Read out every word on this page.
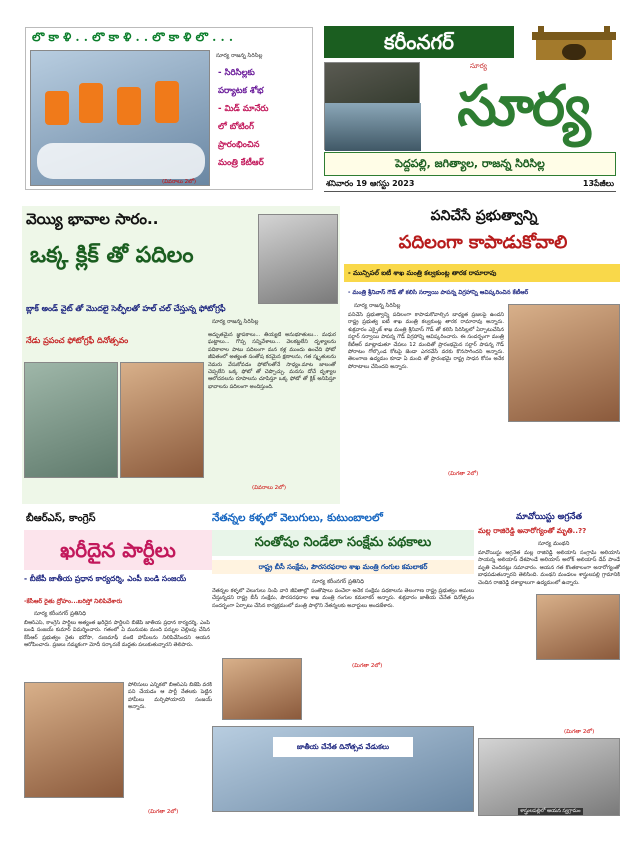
లొ కా ళి . . లొ కా ళి . . లొ కా ళి లొ . . .
సూర్య రాజన్న సిరిసిల్ల
- సిరిసిల్లకు
పర్యాటక శోభ
- మిడ్ మానేరు
లో బోటింగ్
ప్రారంభించిన
మంత్రి కేటీఆర్
(వివరాలు 2లో)
కరీంనగర్
సూర్య
సూర్య
పెద్దపల్లి, జగిత్యాల, రాజన్న సిరిసిల్ల
శనివారం 19 ఆగస్టు 2023	13పేజీలు
వెయ్యి భావాల సారం..
ఒక్క క్లిక్ తో పదిలం
బ్లాక్ అండ్ వైట్ తో మొదలై సెల్ఫీలతో హల్ చల్ చేస్తున్న ఫోటోగ్రఫీ
నేడు ప్రపంచ ఫోటోగ్రఫీ దినోత్సవం
సూర్య రాజన్న సిరిసిల్ల

అద్భుతమైన జ్ఞాపకాలు... తియ్యటి అనుభూతులు... మధుర ఘట్టాలు... గొప్ప సన్నివేశాలు... వెలకట్టలేని దృశ్యాలను పదికాలాల పాటు పదిలంగా మన కళ్ల ముందు ఉంచేది ఫోటో జీవితంలో అత్యంత సంతోష కరమైన క్షణాలను, గత స్మృతులను నెమరు వేసుకోవడం ఫోటోలతోనే సాధ్యం.మాట జాలంతో చెప్పలేని ఒక్క ఫోటో తో చెప్పొచ్చు. మనసు దోచే దృశ్యాల ఆలోచనలను రూపాలను చూపిస్తూ ఒక్క ఫోటో తో క్లిక్ అనిపిస్తూ భావాలను పదిలంగా అందిస్తుంది.

(వివరాలు 2లో)
పనిచేసే ప్రభుత్వాన్ని
పదిలంగా కాపాడుకోవాలి
- మున్సిపల్ ఐటీ శాఖ మంత్రి కల్వకుంట్ల తారక రామారావు
- మంత్రి శ్రీనివాస్ గౌడ్ తో కలిసి సర్వాయి పాపన్న విగ్రహాన్ని ఆవిష్కరించిన కేటీఆర్
సూర్య రాజన్న సిరిసిల్ల

పనిచేసే ప్రభుత్వాన్ని పదిలంగా కాపాడుకోవాల్సిన బాధ్యత ప్రజలపై ఉందని రాష్ట్ర ప్రభుత్వ ఐటీ శాఖ మంత్రి కల్వకుంట్ల తారక రామారావు అన్నారు. శుక్రవారం ఎక్సైజ్ శాఖ మంత్రి శ్రీనివాస్ గౌడ్ తో కలిసి సిరిసిల్లలో ఏర్పాటుచేసిన సర్దార్ సర్వాయి పాపన్న గౌడ్ విగ్రహాన్ని ఆవిష్కరించారు. ఈ సందర్భంగా మంత్రి కేటీఆర్ మాట్లాడుతూ చేపలు 12 మందితో ప్రారంభమైన సర్దార్ పాపన్న గౌడ్ పోరాటం గోల్కొండ కోటపై జెండా ఎగరవేసే వరకు కొనసాగిందని అన్నారు. తెలంగాణ ఉద్యమం కూడా ఏ మంది తో ప్రారంభమై రాష్ట్ర సాధన కోసం అనేక పోరాటాలు చేసిందని అన్నారు.

(మిగతా 2లో)
బీఆర్ఎస్, కాంగ్రెస్
ఖరీదైన పార్టీలు
- బీజేపీ జాతీయ ప్రధాన కార్యదర్శి, ఎంపీ బండి సంజయ్
-కేసీఆర్ రైతు ద్రోహం...బరిస్తో నిలిపివేశారు
సూర్య కరీంనగర్ ప్రతినిధి

బీఆర్ఎస్, కాంగ్రెస్ పార్టీలు అత్యంత ఖరీదైన పార్టీలని బీజేపీ జాతీయ ప్రధాన కార్యదర్శి, ఎంపీ బండి సంజయ్ కుమార్ విమర్శించారు. గతంలో ఏ మునుపట మంది పన్నుల చెల్లింపు చేసిన కేసీఆర్ ప్రభుత్వం రైతు భరోసా, రుణమాఫీ వంటి హామీలను నిలిపివేసిందని ఆయన ఆరోపించారు. ప్రజలు నమ్మకంగా మోదీ సర్కారుకే మద్దతు పలుకుతున్నారని తెలిపారు.

పోలీసులు ఎన్నికలో బీఆర్ఎస్ బీజేపీ వరకి పని చేయడం ఆ పార్టీ నేతలకు పెట్టిన హామీలు మర్చిపోయారని సంజయ్ అన్నారు.

(మిగతా 2లో)
నేతన్నల కళ్ళలో వెలుగులు, కుటుంబాలలో
సంతోషం నిండేలా సంక్షేమ పథకాలు
రాష్ట్ర బీసీ సంక్షేమ, పౌరసరఫరాల శాఖ మంత్రి గంగుల కమలాకర్
సూర్య కరీంనగర్ ప్రతినిధి

నేతన్నల కళ్ళలో వెలుగులు నింపి వారి జీవితాల్లో సంతోషాలు పంచేలా అనేక సంక్షేమ పథకాలను తెలంగాణ రాష్ట్ర ప్రభుత్వం అమలు చేస్తున్నదని రాష్ట్ర బీసీ సంక్షేమ, పౌరసరఫరాల శాఖ మంత్రి గంగుల కమలాకర్ అన్నారు. శుక్రవారం జాతీయ చేనేత దినోత్సవం సందర్భంగా ఏర్పాటు చేసిన కార్యక్రమంలో మంత్రి పాల్గొని నేతన్నలకు అవార్డులు అందజేశారు.

(మిగతా 2లో)
జాతీయ చేనేత దినోత్సవ వేడుకలు
మావోయిస్టు అగ్రనేత
మల్ల రాజిరెడ్డి అనారోగ్యంతో మృతి..??
సూర్య మంథని

మావోయిస్టు అగ్రనేత మల్ల రాజిరెడ్డి అలియాస్ సంగ్రామ్ అలియాస్ సాయన్న అలియాస్ దేశపాండే అలియాస్ అలోక్ అలియాస్ దేవ్ పాండే మృతి చెందినట్లు సమాచారం. ఆయన గత కొంతకాలంగా అనారోగ్యంతో బాధపడుతున్నారని తెలిసింది. మంథని మండలం శాస్త్రులపల్లి గ్రామానికి చెందిన రాజిరెడ్డి దశాబ్దాలుగా ఉద్యమంలో ఉన్నారు.

శాస్త్రులపల్లిలో ఆయన స్వగ్రామం
(మిగతా 2లో)
